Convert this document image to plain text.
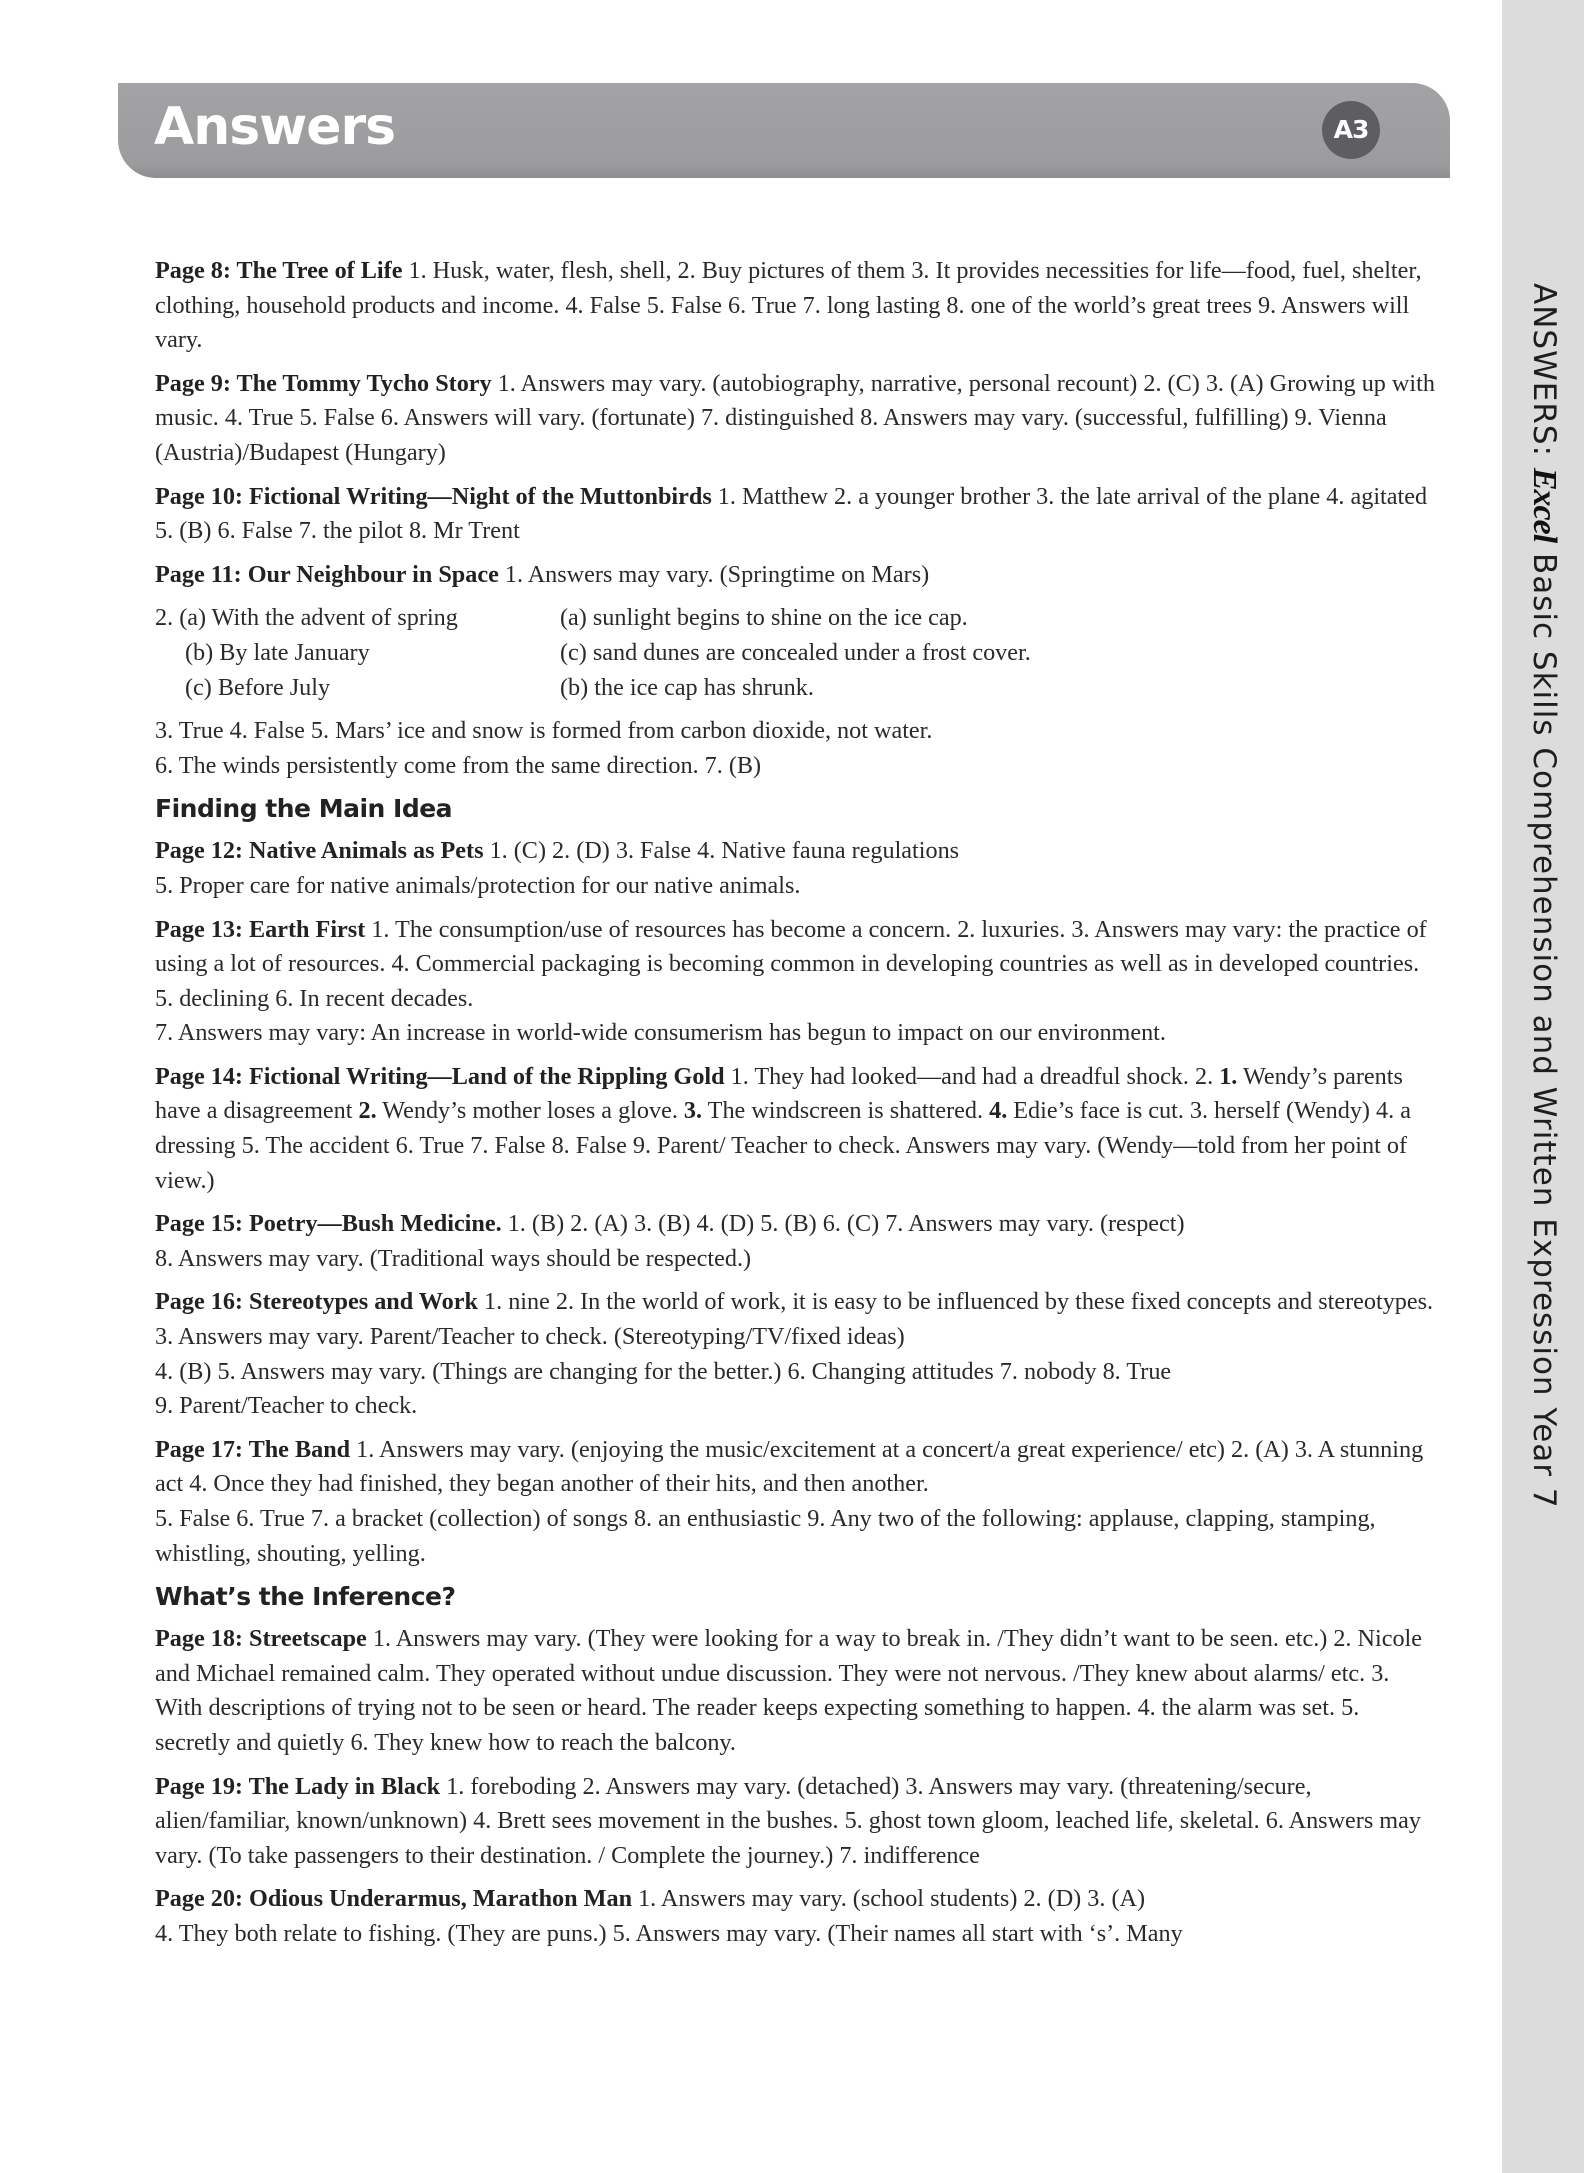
ANSWERS: Excel Basic Skills Comprehension and Written Expression Year 7
Answers	A3

Page 8: The Tree of Life 1. Husk, water, flesh, shell, 2. Buy pictures of them 3. It provides necessities for life—food, fuel, shelter, clothing, household products and income. 4. False 5. False 6. True 7. long lasting 8. one of the world’s great trees 9. Answers will vary.

Page 9: The Tommy Tycho Story 1. Answers may vary. (autobiography, narrative, personal recount) 2. (C) 3. (A) Growing up with music. 4. True 5. False 6. Answers will vary. (fortunate) 7. distinguished 8. Answers may vary. (successful, fulfilling) 9. Vienna (Austria)/Budapest (Hungary)

Page 10: Fictional Writing—Night of the Muttonbirds 1. Matthew 2. a younger brother 3. the late arrival of the plane 4. agitated 5. (B) 6. False 7. the pilot 8. Mr Trent

Page 11: Our Neighbour in Space 1. Answers may vary. (Springtime on Mars)

2. (a) With the advent of spring	(a) sunlight begins to shine on the ice cap.
(b) By late January	(c) sand dunes are concealed under a frost cover.
(c) Before July	(b) the ice cap has shrunk.

3. True 4. False 5. Mars’ ice and snow is formed from carbon dioxide, not water.
6. The winds persistently come from the same direction. 7. (B)

Finding the Main Idea

Page 12: Native Animals as Pets 1. (C) 2. (D) 3. False 4. Native fauna regulations
5. Proper care for native animals/protection for our native animals.

Page 13: Earth First 1. The consumption/use of resources has become a concern. 2. luxuries. 3. Answers may vary: the practice of using a lot of resources. 4. Commercial packaging is becoming common in developing countries as well as in developed countries. 5. declining 6. In recent decades.
7. Answers may vary: An increase in world-wide consumerism has begun to impact on our environment.

Page 14: Fictional Writing—Land of the Rippling Gold 1. They had looked—and had a dreadful shock. 2. 1. Wendy’s parents have a disagreement 2. Wendy’s mother loses a glove. 3. The windscreen is shattered. 4. Edie’s face is cut. 3. herself (Wendy) 4. a dressing 5. The accident 6. True 7. False 8. False 9. Parent/ Teacher to check. Answers may vary. (Wendy—told from her point of view.)

Page 15: Poetry—Bush Medicine. 1. (B) 2. (A) 3. (B) 4. (D) 5. (B) 6. (C) 7. Answers may vary. (respect)
8. Answers may vary. (Traditional ways should be respected.)

Page 16: Stereotypes and Work 1. nine 2. In the world of work, it is easy to be influenced by these fixed concepts and stereotypes. 3. Answers may vary. Parent/Teacher to check. (Stereotyping/TV/fixed ideas)
4. (B) 5. Answers may vary. (Things are changing for the better.) 6. Changing attitudes 7. nobody 8. True
9. Parent/Teacher to check.

Page 17: The Band 1. Answers may vary. (enjoying the music/excitement at a concert/a great experience/ etc) 2. (A) 3. A stunning act 4. Once they had finished, they began another of their hits, and then another.
5. False 6. True 7. a bracket (collection) of songs 8. an enthusiastic 9. Any two of the following: applause, clapping, stamping, whistling, shouting, yelling.

What’s the Inference?

Page 18: Streetscape 1. Answers may vary. (They were looking for a way to break in. /They didn’t want to be seen. etc.) 2. Nicole and Michael remained calm. They operated without undue discussion. They were not nervous. /They knew about alarms/ etc. 3. With descriptions of trying not to be seen or heard. The reader keeps expecting something to happen. 4. the alarm was set. 5. secretly and quietly 6. They knew how to reach the balcony.

Page 19: The Lady in Black 1. foreboding 2. Answers may vary. (detached) 3. Answers may vary. (threatening/secure, alien/familiar, known/unknown) 4. Brett sees movement in the bushes. 5. ghost town gloom, leached life, skeletal. 6. Answers may vary. (To take passengers to their destination. / Complete the journey.) 7. indifference

Page 20: Odious Underarmus, Marathon Man 1. Answers may vary. (school students) 2. (D) 3. (A)
4. They both relate to fishing. (They are puns.) 5. Answers may vary. (Their names all start with ‘s’. Many
